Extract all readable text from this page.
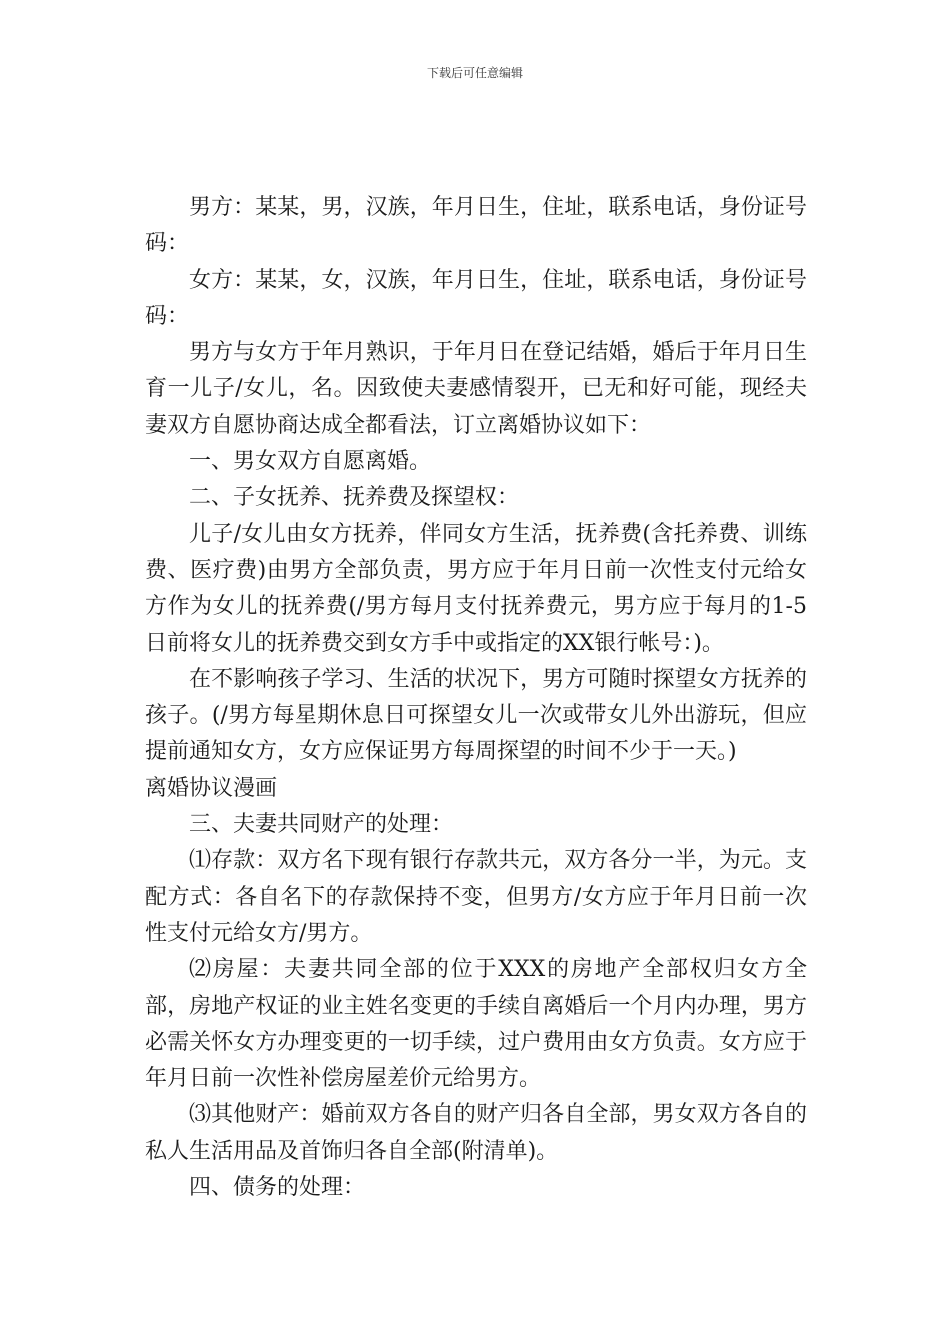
下载后可任意编辑

男方：某某，男，汉族，年月日生，住址，联系电话，身份证号码：

女方：某某，女，汉族，年月日生，住址，联系电话，身份证号码：

男方与女方于年月熟识，于年月日在登记结婚，婚后于年月日生育一儿子/女儿，名。因致使夫妻感情裂开，已无和好可能，现经夫妻双方自愿协商达成全都看法，订立离婚协议如下：

一、男女双方自愿离婚。

二、子女抚养、抚养费及探望权：

儿子/女儿由女方抚养，伴同女方生活，抚养费(含托养费、训练费、医疗费)由男方全部负责，男方应于年月日前一次性支付元给女方作为女儿的抚养费(/男方每月支付抚养费元，男方应于每月的1-5日前将女儿的抚养费交到女方手中或指定的XX银行帐号：)。

在不影响孩子学习、生活的状况下，男方可随时探望女方抚养的孩子。(/男方每星期休息日可探望女儿一次或带女儿外出游玩，但应提前通知女方，女方应保证男方每周探望的时间不少于一天。)

离婚协议漫画

三、夫妻共同财产的处理：

⑴存款：双方名下现有银行存款共元，双方各分一半，为元。支配方式：各自名下的存款保持不变，但男方/女方应于年月日前一次性支付元给女方/男方。

⑵房屋：夫妻共同全部的位于XXX的房地产全部权归女方全部，房地产权证的业主姓名变更的手续自离婚后一个月内办理，男方必需关怀女方办理变更的一切手续，过户费用由女方负责。女方应于年月日前一次性补偿房屋差价元给男方。

⑶其他财产：婚前双方各自的财产归各自全部，男女双方各自的私人生活用品及首饰归各自全部(附清单)。

四、债务的处理：
